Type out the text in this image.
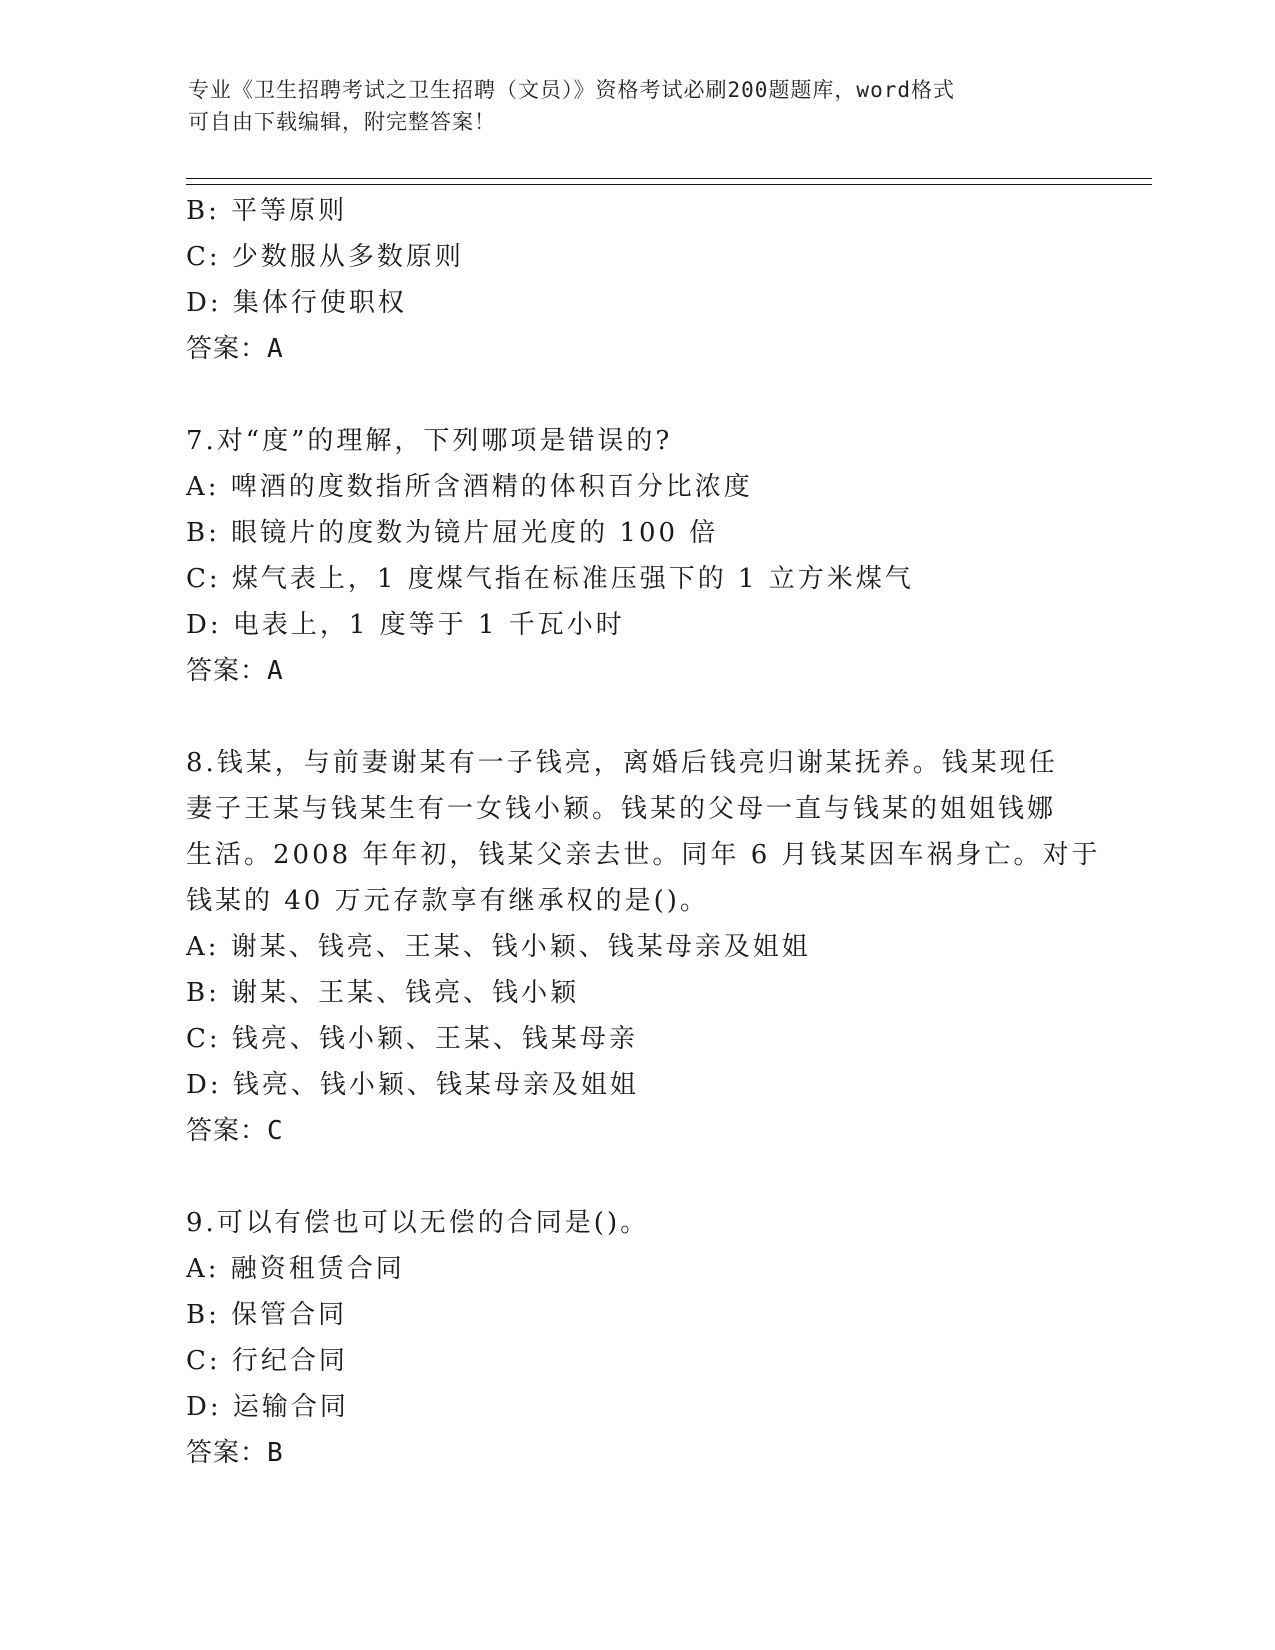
专业《卫生招聘考试之卫生招聘（文员）》资格考试必刷200题题库，word格式
可自由下载编辑，附完整答案！
B: 平等原则
C: 少数服从多数原则
D: 集体行使职权
答案：A
7.对“度”的理解，下列哪项是错误的?
A: 啤酒的度数指所含酒精的体积百分比浓度
B: 眼镜片的度数为镜片屈光度的 100 倍
C: 煤气表上，1 度煤气指在标准压强下的 1 立方米煤气
D: 电表上，1 度等于 1 千瓦小时
答案：A
8.钱某，与前妻谢某有一子钱亮，离婚后钱亮归谢某抚养。钱某现任
妻子王某与钱某生有一女钱小颖。钱某的父母一直与钱某的姐姐钱娜
生活。2008 年年初，钱某父亲去世。同年 6 月钱某因车祸身亡。对于
钱某的 40 万元存款享有继承权的是()。
A: 谢某、钱亮、王某、钱小颖、钱某母亲及姐姐
B: 谢某、王某、钱亮、钱小颖
C: 钱亮、钱小颖、王某、钱某母亲
D: 钱亮、钱小颖、钱某母亲及姐姐
答案：C
9.可以有偿也可以无偿的合同是()。
A: 融资租赁合同
B: 保管合同
C: 行纪合同
D: 运输合同
答案：B
